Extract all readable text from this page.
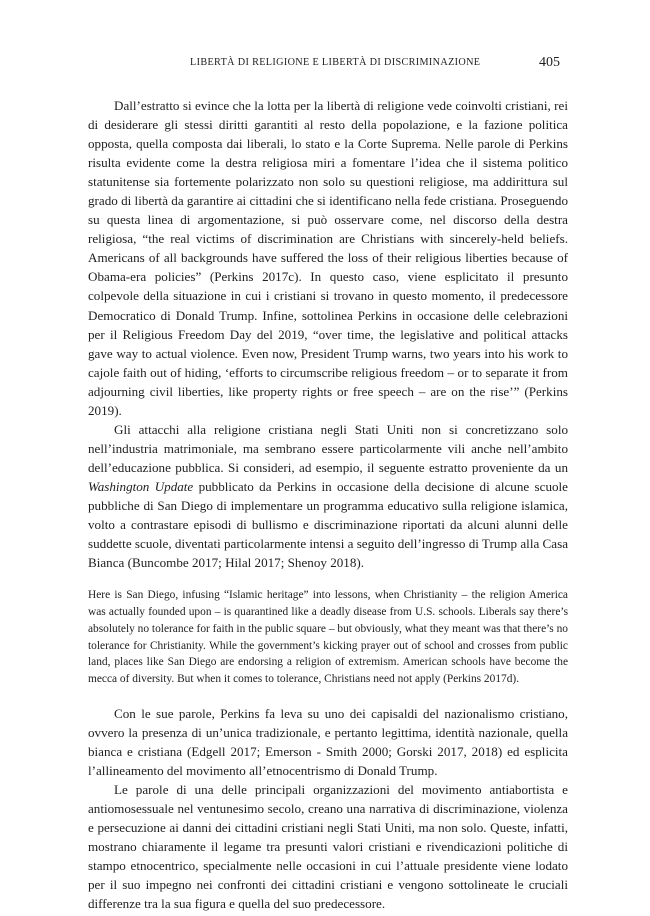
LIBERTÀ DI RELIGIONE E LIBERTÀ DI DISCRIMINAZIONE	405

Dall’estratto si evince che la lotta per la libertà di religione vede coinvolti cristiani, rei di desiderare gli stessi diritti garantiti al resto della popolazione, e la fazione politica opposta, quella composta dai liberali, lo stato e la Corte Suprema. Nelle parole di Perkins risulta evidente come la destra religiosa miri a fomentare l’idea che il sistema politico statunitense sia fortemente polarizzato non solo su questioni religiose, ma addirittura sul grado di libertà da garantire ai cittadini che si identificano nella fede cristiana. Proseguendo su questa linea di argomentazione, si può osservare come, nel discorso della destra religiosa, “the real victims of discrimination are Christians with sincerely-held beliefs. Americans of all backgrounds have suffered the loss of their religious liberties because of Obama-era policies” (Perkins 2017c). In questo caso, viene esplicitato il presunto colpevole della situazione in cui i cristiani si trovano in questo momento, il predecessore Democratico di Donald Trump. Infine, sottolinea Perkins in occasione delle celebrazioni per il Religious Freedom Day del 2019, “over time, the legislative and political attacks gave way to actual violence. Even now, President Trump warns, two years into his work to cajole faith out of hiding, ‘efforts to circumscribe religious freedom – or to separate it from adjourning civil liberties, like property rights or free speech – are on the rise’” (Perkins 2019).

Gli attacchi alla religione cristiana negli Stati Uniti non si concretizzano solo nell’industria matrimoniale, ma sembrano essere particolarmente vili anche nell’ambito dell’educazione pubblica. Si consideri, ad esempio, il seguente estratto proveniente da un Washington Update pubblicato da Perkins in occasione della decisione di alcune scuole pubbliche di San Diego di implementare un programma educativo sulla religione islamica, volto a contrastare episodi di bullismo e discriminazione riportati da alcuni alunni delle suddette scuole, diventati particolarmente intensi a seguito dell’ingresso di Trump alla Casa Bianca (Buncombe 2017; Hilal 2017; Shenoy 2018).

Here is San Diego, infusing “Islamic heritage” into lessons, when Christianity – the religion America was actually founded upon – is quarantined like a deadly disease from U.S. schools. Liberals say there’s absolutely no tolerance for faith in the public square – but obviously, what they meant was that there’s no tolerance for Christianity. While the government’s kicking prayer out of school and crosses from public land, places like San Diego are endorsing a religion of extremism. American schools have become the mecca of diversity. But when it comes to tolerance, Christians need not apply (Perkins 2017d).

Con le sue parole, Perkins fa leva su uno dei capisaldi del nazionalismo cristiano, ovvero la presenza di un’unica tradizionale, e pertanto legittima, identità nazionale, quella bianca e cristiana (Edgell 2017; Emerson - Smith 2000; Gorski 2017, 2018) ed esplicita l’allineamento del movimento all’etnocentrismo di Donald Trump.

Le parole di una delle principali organizzazioni del movimento antiabortista e antiomosessuale nel ventunesimo secolo, creano una narrativa di discriminazione, violenza e persecuzione ai danni dei cittadini cristiani negli Stati Uniti, ma non solo. Queste, infatti, mostrano chiaramente il legame tra presunti valori cristiani e rivendicazioni politiche di stampo etnocentrico, specialmente nelle occasioni in cui l’attuale presidente viene lodato per il suo impegno nei confronti dei cittadini cristiani e vengono sottolineate le cruciali differenze tra la sua figura e quella del suo predecessore.
